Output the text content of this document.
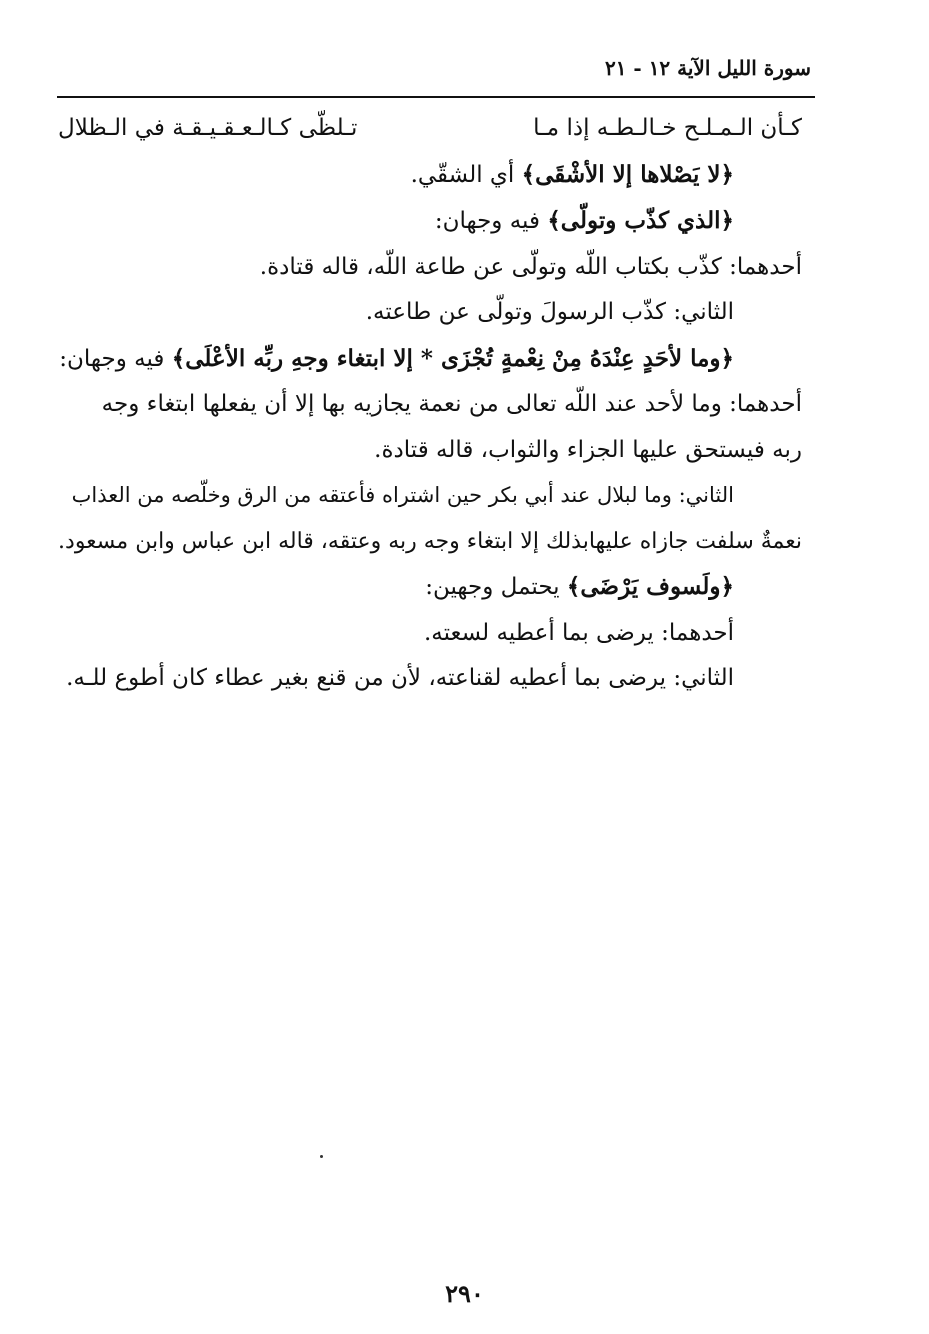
سورة الليل الآية ١٢ - ٢١
كـأن الـمـلـح خـالـطـه إذا مـا
تـلظّى كـالـعـقـيـقـة في الـظلال
﴿لا يَصْلاها إلا الأشْقَى﴾ أي الشقّي.
﴿الذي كذّب وتولّى﴾ فيه وجهان:
أحدهما: كذّب بكتاب اللّه وتولّى عن طاعة اللّه، قاله قتادة.
الثاني: كذّب الرسولَ وتولّى عن طاعته.
﴿وما لأحَدٍ عِنْدَهُ مِنْ نِعْمةٍ تُجْزَى * إلا ابتغاء وجهِ ربِّه الأعْلَى﴾ فيه وجهان:
أحدهما: وما لأحد عند اللّه تعالى من نعمة يجازيه بها إلا أن يفعلها ابتغاء وجه
ربه فيستحق عليها الجزاء والثواب، قاله قتادة.
الثاني: وما لبلال عند أبي بكر حين اشتراه فأعتقه من الرق وخلّصه من العذاب
نعمةٌ سلفت جازاه عليهابذلك إلا ابتغاء وجه ربه وعتقه، قاله ابن عباس وابن مسعود.
﴿ولَسوف يَرْضَى﴾ يحتمل وجهين:
أحدهما: يرضى بما أعطيه لسعته.
الثاني: يرضى بما أعطيه لقناعته، لأن من قنع بغير عطاء كان أطوع للـه.
٢٩٠
